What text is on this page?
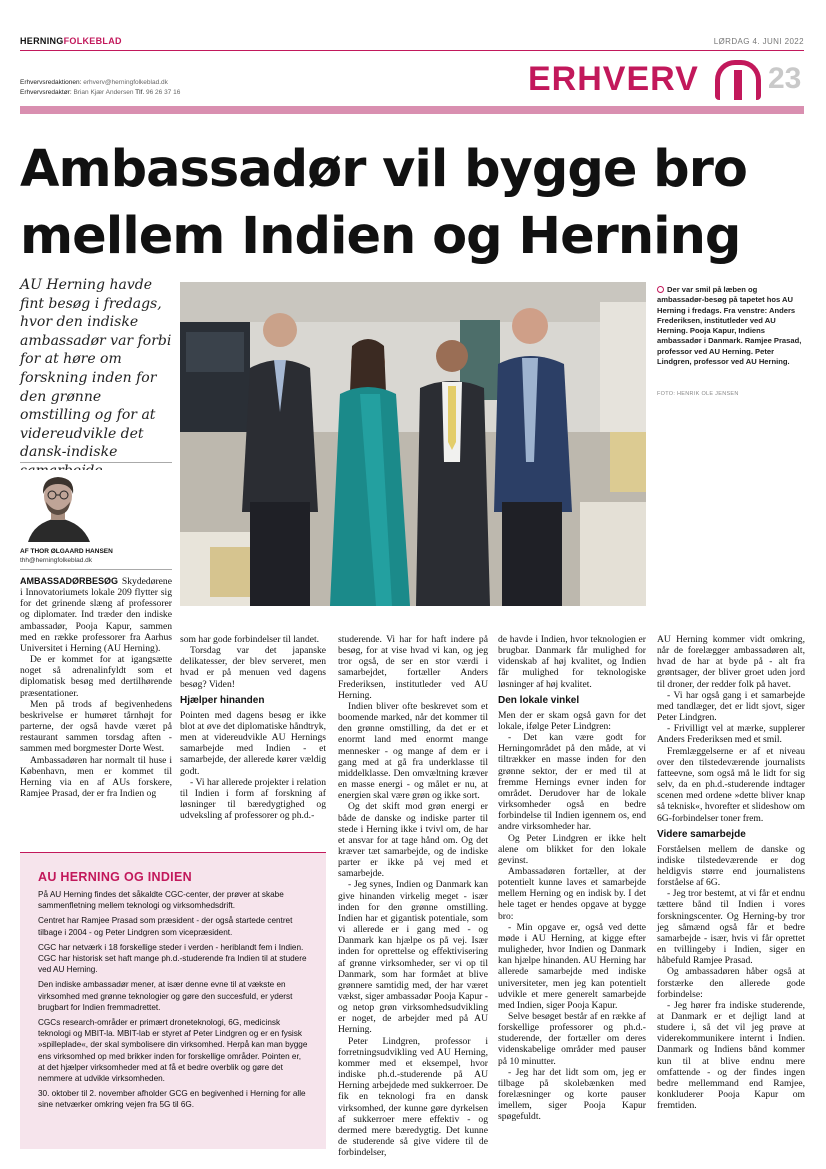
HERNINGFOLKEBLAD	LØRDAG 4. JUNI 2022
Erhvervsredaktionen: erhverv@herningfolkeblad.dk
Erhvervsredaktør: Brian Kjær Andersen Tlf. 96 26 37 16	ERHVERV 23
Ambassadør vil bygge bro mellem Indien og Herning
AU Herning havde fint besøg i fredags, hvor den indiske ambassadør var forbi for at høre om forskning inden for den grønne omstilling og for at videreudvikle det dansk-indiske
AF THOR ØLGAARD HANSEN
thh@herningfolkeblad.dk
Der var smil på læben og ambassadør-besøg på tapetet hos AU Herning i fredags. Fra venstre: Anders Frederiksen, institutleder ved AU Herning. Pooja Kapur, Indiens ambassadør i Danmark. Ramjee Prasad, professor ved AU Herning. Peter Lindgren, professor ved AU Herning.
FOTO: HENRIK OLE JENSEN

AMBASSADØRBESØG Skydedørene i Innovatoriumets lokale 209 flytter sig for det grinende slæng af professorer og diplomater. Ind træder den indiske ambassadør, Pooja Kapur, sammen med en række professorer fra Aarhus Universitet i Herning (AU Herning).

De er kommet for at igangsætte noget så adrenalinfyldt som et diplomatisk besøg med dertilhørende præsentationer.

Men på trods af begivenhedens beskrivelse er humøret tårnhøjt for parterne, der også havde været på restaurant sammen torsdag aften - sammen med borgmester Dorte West.

Ambassadøren har normalt til huse i København, men er kommet til Herning via en af AUs forskere, Ramjee Prasad, der er fra Indien og

som har gode forbindelser til landet.

Torsdag var det japanske delikatesser, der blev serveret, men hvad er på menuen ved dagens besøg? Viden!

Hjælper hinanden

Pointen med dagens besøg er ikke blot at øve det diplomatiske håndtryk, men at videreudvikle AU Hernings samarbejde med Indien - et samarbejde, der allerede kører vældig godt.

- Vi har allerede projekter i relation til Indien i form af forskning af løsninger til bæredygtighed og udveksling af professorer og ph.d.-

AU HERNING OG INDIEN

På AU Herning findes det såkaldte CGC-center, der prøver at skabe sammenfletning mellem teknologi og virksomhedsdrift.

Centret har Ramjee Prasad som præsident - der også startede centret tilbage i 2004 - og Peter Lindgren som vicepræsident.

CGC har netværk i 18 forskellige steder i verden - heriblandt fem i Indien. CGC har historisk set haft mange ph.d.-studerende fra Indien til at studere ved AU Herning.

Den indiske ambassadør mener, at især denne evne til at vækste en virksomhed med grønne teknologier og gøre den succesfuld, er yderst brugbart for Indien fremmadrettet.

CGCs research-områder er primært droneteknologi, 6G, medicinsk teknologi og MBIT-la. MBIT-lab er styret af Peter Lindgren og er en fysisk »spilleplade«, der skal symbolisere din virksomhed. Herpå kan man bygge ens virksomhed op med brikker inden for forskellige områder. Pointen er, at det hjælper virksomheder med at få et bedre overblik og gøre det nemmere at udvikle virksomheden.

30. oktober til 2. november afholder GCG en begivenhed i Herning for alle sine netværker omkring vejen fra 5G til 6G.

studerende. Vi har for haft indere på besøg, for at vise hvad vi kan, og jeg tror også, de ser en stor værdi i samarbejdet, fortæller Anders Frederiksen, institutleder ved AU Herning.

Indien bliver ofte beskrevet som et boomende marked, når det kommer til den grønne omstilling, da det er et enormt land med enormt mange mennesker - og mange af dem er i gang med at gå fra underklasse til middelklasse. Den omvæltning kræver en masse energi - og målet er nu, at energien skal være grøn og ikke sort.

Og det skift mod grøn energi er både de danske og indiske parter til stede i Herning ikke i tvivl om, de har et ansvar for at tage hånd om. Og det kræver tæt samarbejde, og de indiske parter er ikke på vej med et samarbejde.

- Jeg synes, Indien og Danmark kan give hinanden virkelig meget - især inden for den grønne omstilling. Indien har et gigantisk potentiale, som vi allerede er i gang med - og Danmark kan hjælpe os på vej. Især inden for oprettelse og effektivisering af grønne virksomheder, ser vi op til Danmark, som har formået at blive grønnere samtidig med, der har været vækst, siger ambassadør Pooja Kapur - og netop grøn virksomhedsudvikling er noget, de arbejder med på AU Herning.

Peter Lindgren, professor i forretningsudvikling ved AU Herning, kommer med et eksempel, hvor indiske ph.d.-studerende på AU Herning arbejdede med sukkerroer. De fik en teknologi fra en dansk virksomhed, der kunne gøre dyrkelsen af sukkerroer mere effektiv - og dermed mere bæredygtig. Det kunne de studerende så give videre til de forbindelser,

de havde i Indien, hvor teknologien er brugbar. Danmark får mulighed for videnskab af høj kvalitet, og Indien får mulighed for teknologiske løsninger af høj kvalitet.

Den lokale vinkel

Men der er skam også gavn for det lokale, ifølge Peter Lindgren:

- Det kan være godt for Herningområdet på den måde, at vi tiltrækker en masse inden for den grønne sektor, der er med til at fremme Hernings evner inden for området. Derudover har de lokale virksomheder også en bedre forbindelse til Indien igennem os, end andre virksomheder har.

Og Peter Lindgren er ikke helt alene om blikket for den lokale gevinst.

Ambassadøren fortæller, at der potentielt kunne laves et samarbejde mellem Herning og en indisk by. I det hele taget er hendes opgave at bygge bro:

- Min opgave er, også ved dette møde i AU Herning, at kigge efter muligheder, hvor Indien og Danmark kan hjælpe hinanden. AU Herning har allerede samarbejde med indiske universiteter, men jeg kan potentielt udvikle et mere generelt samarbejde med Indien, siger Pooja Kapur.

Selve besøget består af en række af forskellige professorer og ph.d.-studerende, der fortæller om deres videnskabelige områder med pauser på 10 minutter.

- Jeg har det lidt som om, jeg er tilbage på skolebænken med forelæsninger og korte pauser imellem, siger Pooja Kapur spøgefuldt.

AU Herning kommer vidt omkring, når de forelægger ambassadøren alt, hvad de har at byde på - alt fra grøntsager, der bliver groet uden jord til droner, der redder folk på havet.

- Vi har også gang i et samarbejde med tandlæger, det er lidt sjovt, siger Peter Lindgren.

- Frivilligt vel at mærke, supplerer Anders Frederiksen med et smil.

Fremlæggelserne er af et niveau over den tilstedeværende journalists fatteevne, som også må le lidt for sig selv, da en ph.d.-studerende indtager scenen med ordene »dette bliver knap så teknisk«, hvorefter et slideshow om 6G-forbindelser toner frem.

Videre samarbejde

Forståelsen mellem de danske og indiske tilstedeværende er dog heldigvis større end journalistens forståelse af 6G.

- Jeg tror bestemt, at vi får et endnu tættere bånd til Indien i vores forskningscenter. Og Herning-by tror jeg såmænd også får et bedre samarbejde - især, hvis vi får oprettet en tvillingeby i Indien, siger en håbefuld Ramjee Prasad.

Og ambassadøren håber også at forstærke den allerede gode forbindelse:

- Jeg hører fra indiske studerende, at Danmark er et dejligt land at studere i, så det vil jeg prøve at viderekommunikere internt i Indien. Danmark og Indiens bånd kommer kun til at blive endnu mere omfattende - og der findes ingen bedre mellemmand end Ramjee, konkluderer Pooja Kapur om fremtiden.
